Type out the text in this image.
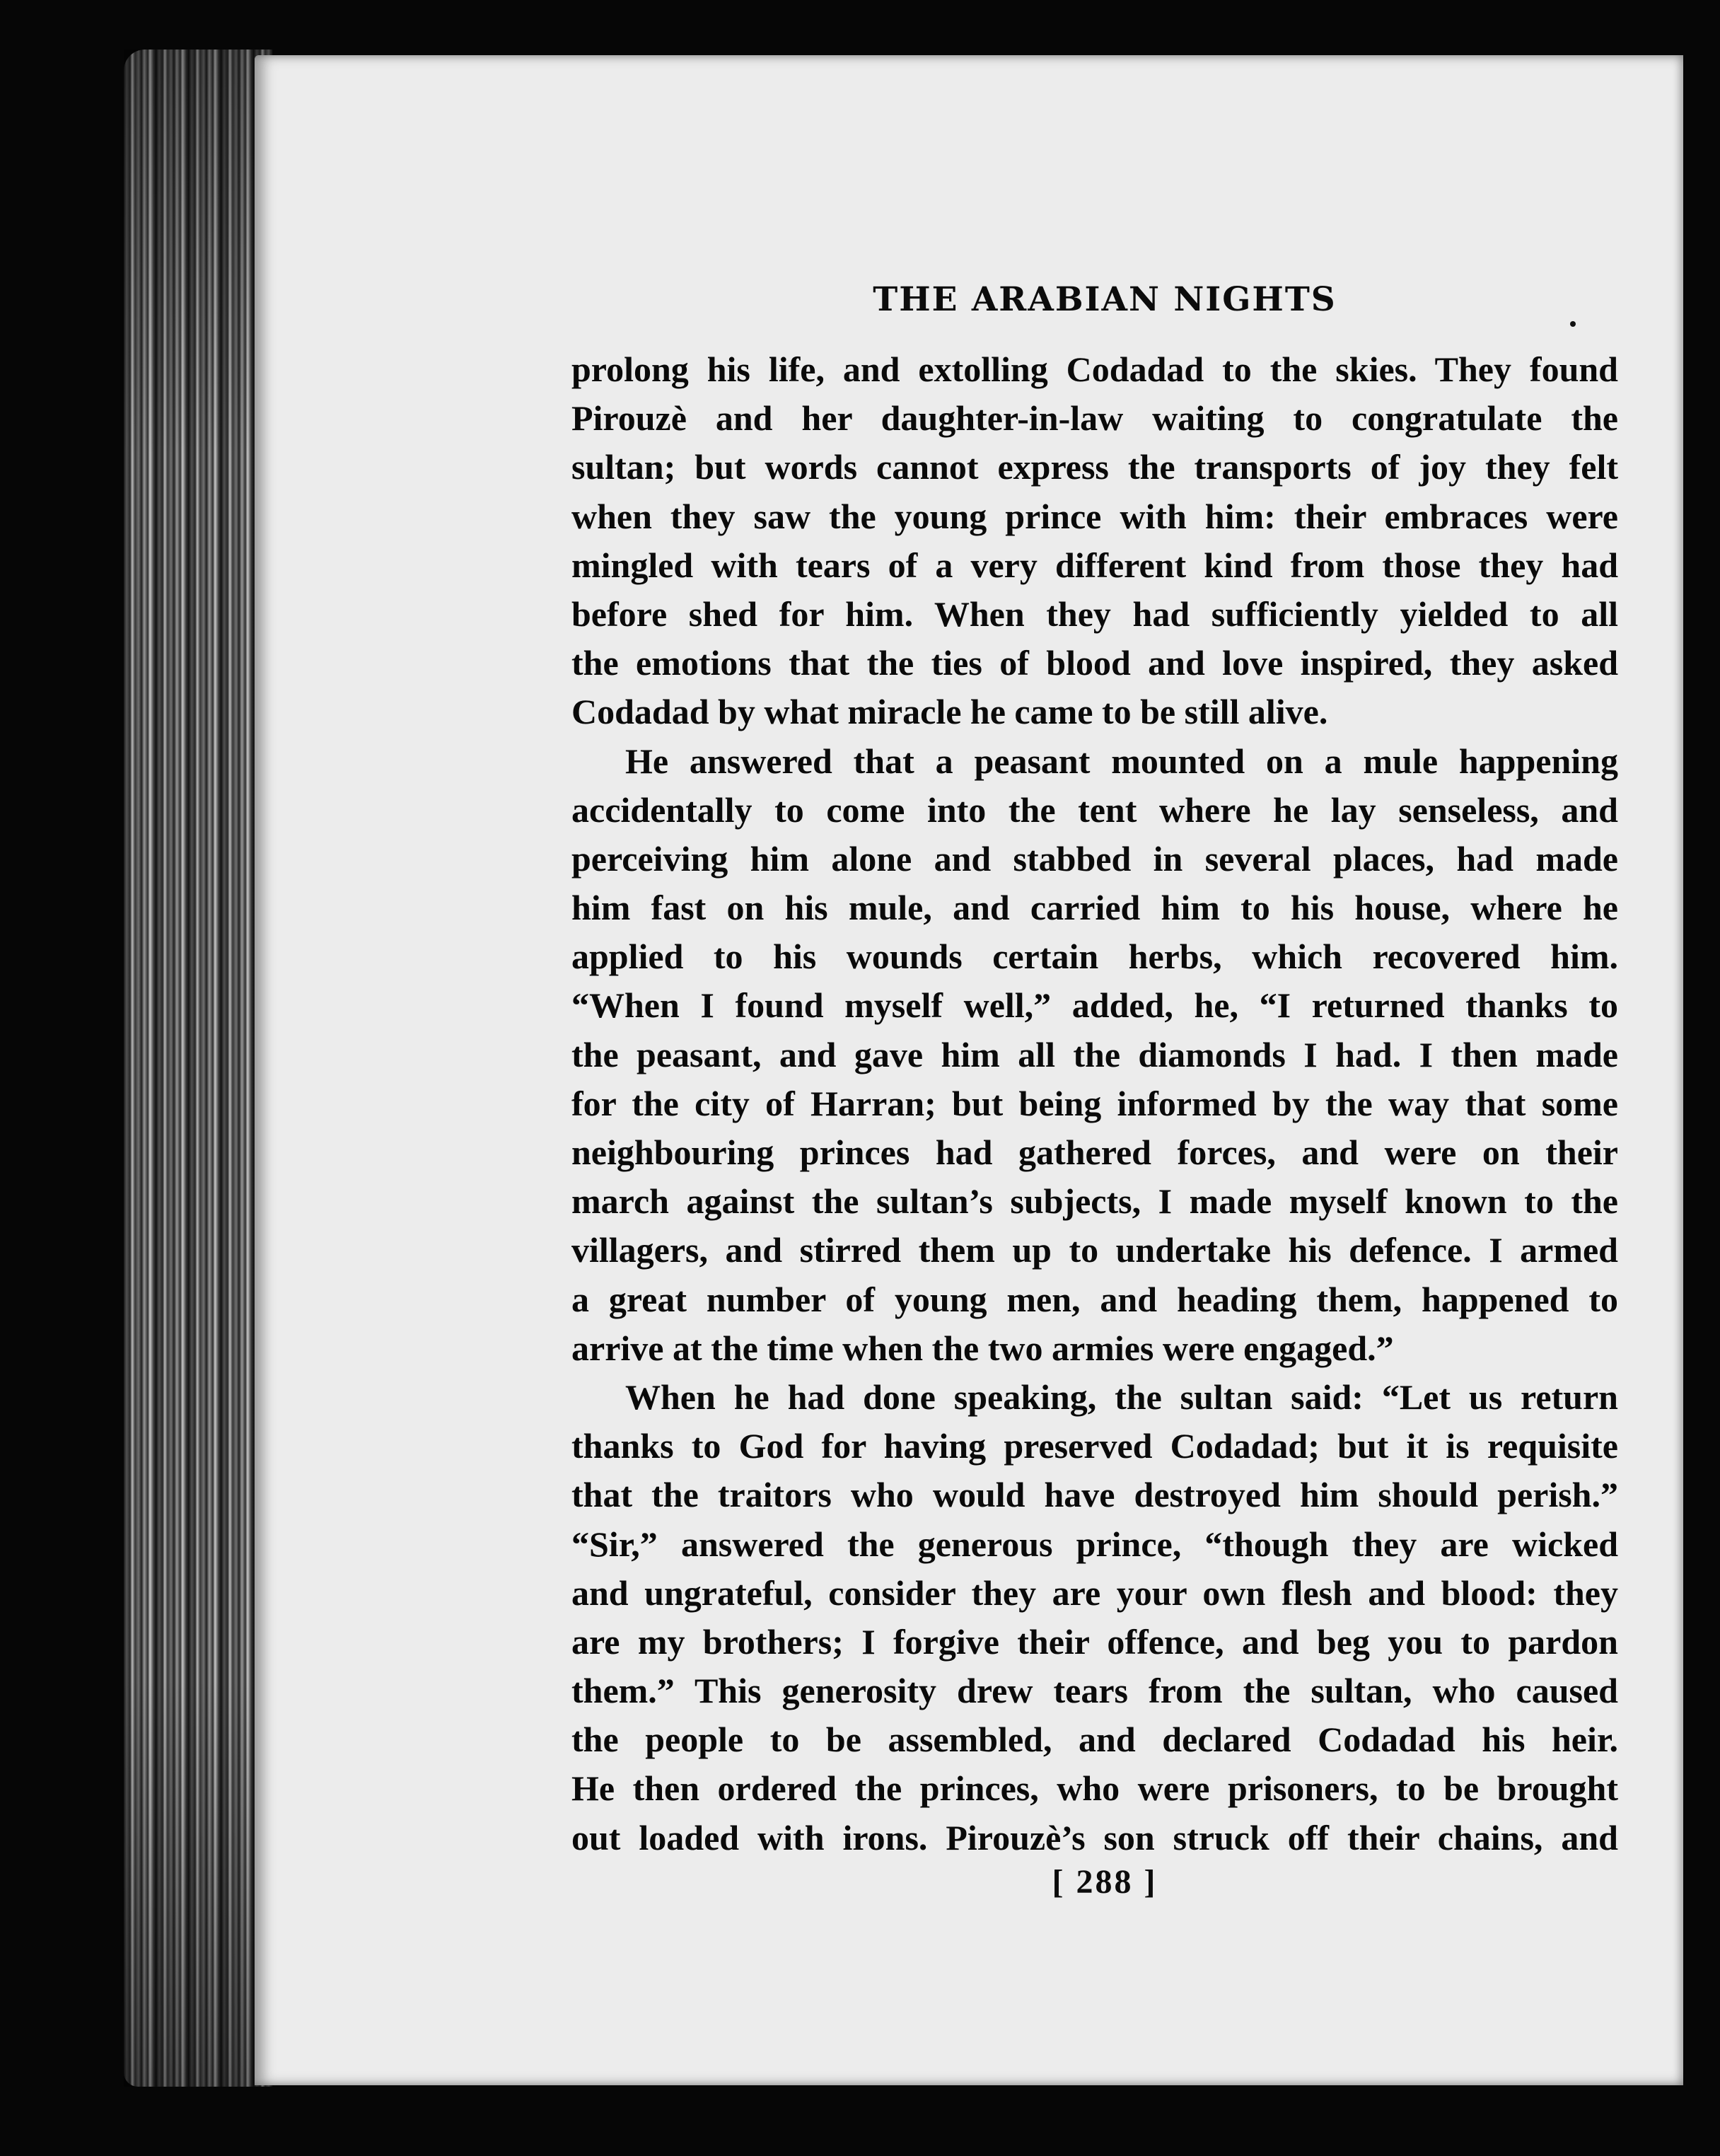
THE ARABIAN NIGHTS
prolong his life, and extolling Codadad to the skies. They found
Pirouzè and her daughter-in-law waiting to congratulate the
sultan; but words cannot express the transports of joy they felt
when they saw the young prince with him: their embraces were
mingled with tears of a very different kind from those they had
before shed for him. When they had sufficiently yielded to all
the emotions that the ties of blood and love inspired, they asked
Codadad by what miracle he came to be still alive.
He answered that a peasant mounted on a mule happening
accidentally to come into the tent where he lay senseless, and
perceiving him alone and stabbed in several places, had made
him fast on his mule, and carried him to his house, where he
applied to his wounds certain herbs, which recovered him.
“When I found myself well,” added, he, “I returned thanks to
the peasant, and gave him all the diamonds I had. I then made
for the city of Harran; but being informed by the way that some
neighbouring princes had gathered forces, and were on their
march against the sultan’s subjects, I made myself known to the
villagers, and stirred them up to undertake his defence. I armed
a great number of young men, and heading them, happened to
arrive at the time when the two armies were engaged.”
When he had done speaking, the sultan said: “Let us return
thanks to God for having preserved Codadad; but it is requisite
that the traitors who would have destroyed him should perish.”
“Sir,” answered the generous prince, “though they are wicked
and ungrateful, consider they are your own flesh and blood: they
are my brothers; I forgive their offence, and beg you to pardon
them.” This generosity drew tears from the sultan, who caused
the people to be assembled, and declared Codadad his heir.
He then ordered the princes, who were prisoners, to be brought
out loaded with irons. Pirouzè’s son struck off their chains, and
[ 288 ]
